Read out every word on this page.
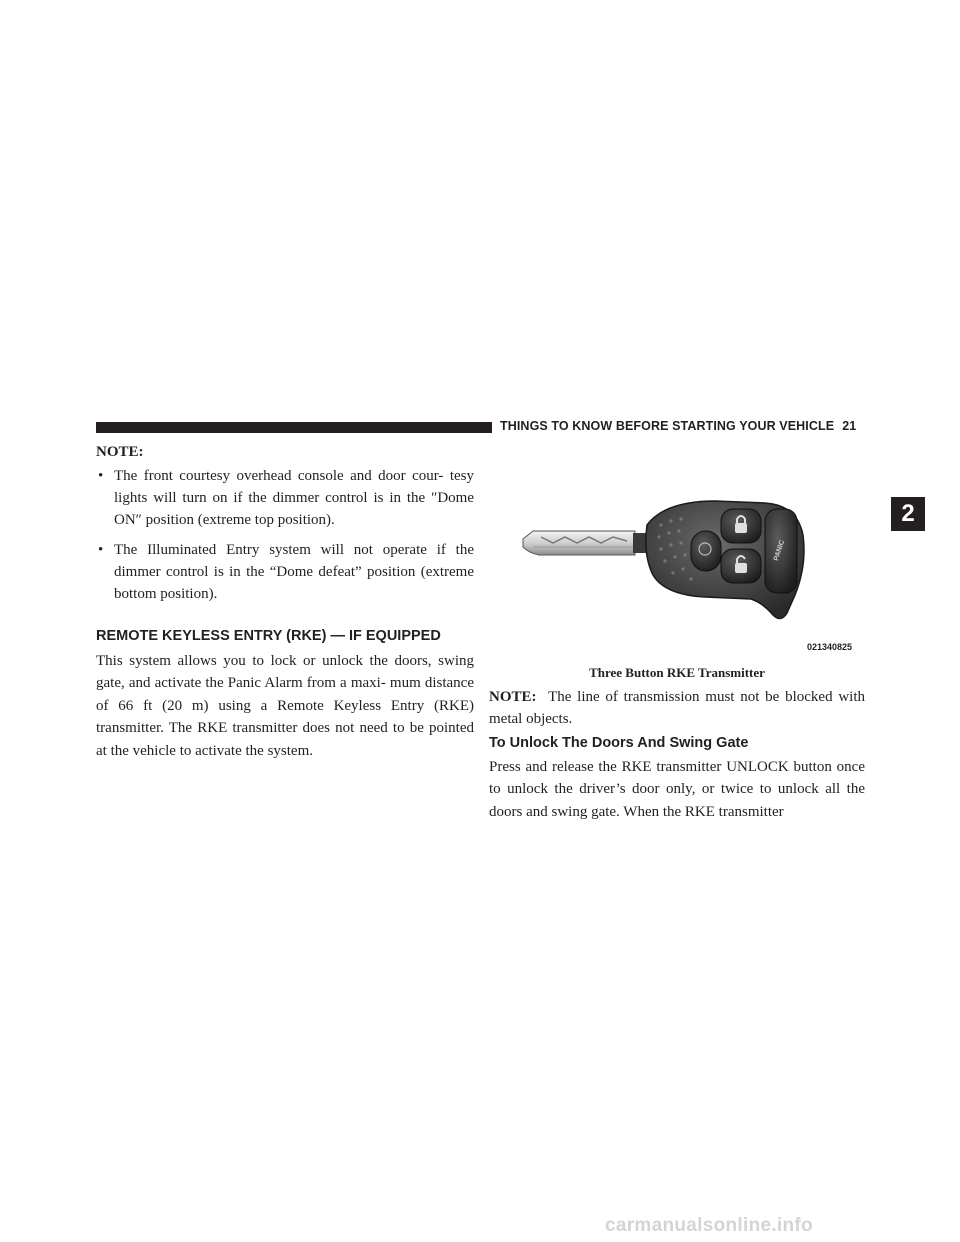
THINGS TO KNOW BEFORE STARTING YOUR VEHICLE 21
2
NOTE:
• The front courtesy overhead console and door cour- tesy lights will turn on if the dimmer control is in the ″Dome ON″ position (extreme top position).
• The Illuminated Entry system will not operate if the dimmer control is in the “Dome defeat” position (extreme bottom position).
REMOTE KEYLESS ENTRY (RKE) — IF EQUIPPED

This system allows you to lock or unlock the doors, swing gate, and activate the Panic Alarm from a maxi- mum distance of 66 ft (20 m) using a Remote Keyless Entry (RKE) transmitter. The RKE transmitter does not need to be pointed at the vehicle to activate the system.

PANIC
021340825
Three Button RKE Transmitter

NOTE: The line of transmission must not be blocked with metal objects.

To Unlock The Doors And Swing Gate

Press and release the RKE transmitter UNLOCK button once to unlock the driver’s door only, or twice to unlock all the doors and swing gate. When the RKE transmitter

carmanualsonline.info
